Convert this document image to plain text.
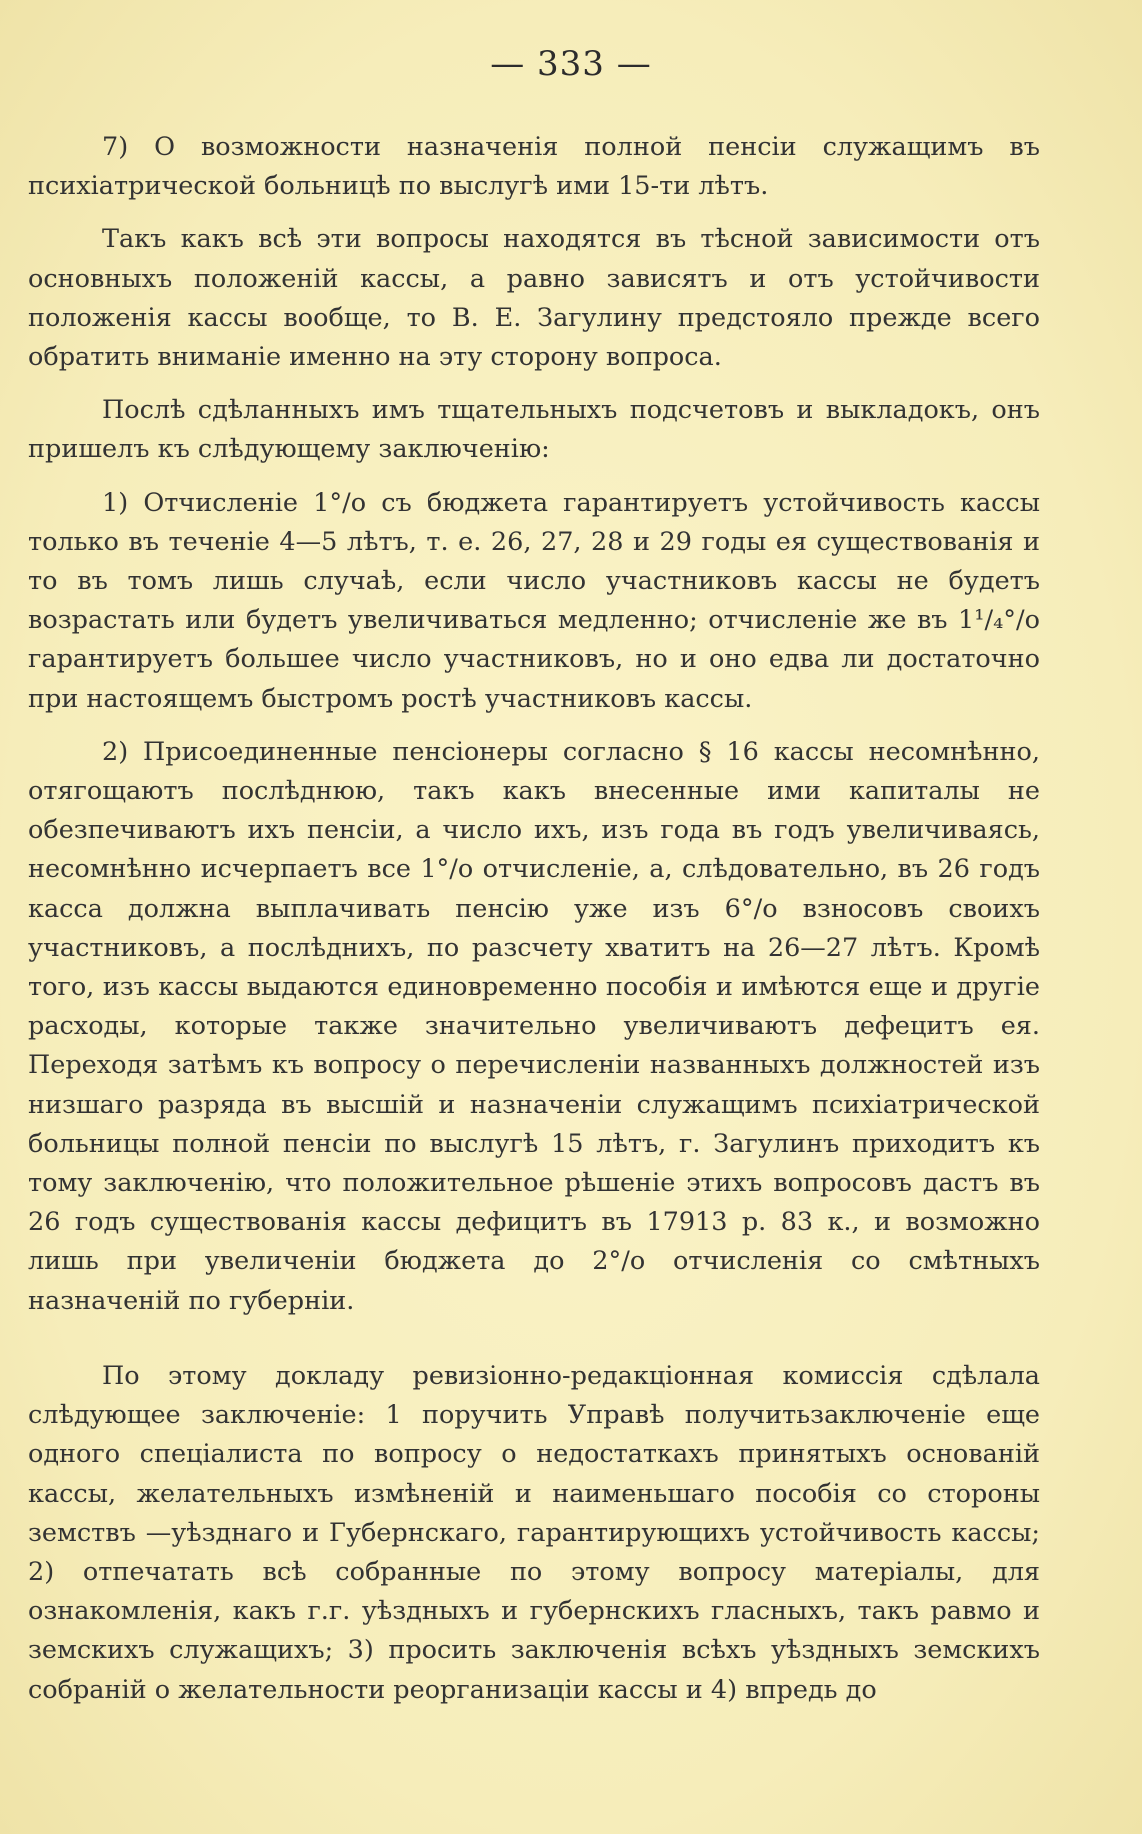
— 333 —

7) О возможности назначенія полной пенсіи служащимъ въ психіатрической больницѣ по выслугѣ ими 15-ти лѣтъ.

Такъ какъ всѣ эти вопросы находятся въ тѣсной зависимости отъ основныхъ положеній кассы, а равно зависятъ и отъ устойчивости положенія кассы вообще, то В. Е. Загулину предстояло прежде всего обратить вниманіе именно на эту сторону вопроса.

Послѣ сдѣланныхъ имъ тщательныхъ подсчетовъ и выкладокъ, онъ пришелъ къ слѣдующему заключенію:

1) Отчисленіе 1°/o съ бюджета гарантируетъ устойчивость кассы только въ теченіе 4—5 лѣтъ, т. е. 26, 27, 28 и 29 годы ея существованія и то въ томъ лишь случаѣ, если число участниковъ кассы не будетъ возрастать или будетъ увеличиваться медленно; отчисленіе же въ 1¹/₄°/o гарантируетъ большее число участниковъ, но и оно едва ли достаточно при настоящемъ быстромъ ростѣ участниковъ кассы.

2) Присоединенные пенсіонеры согласно § 16 кассы несомнѣнно, отягощаютъ послѣднюю, такъ какъ внесенные ими капиталы не обезпечиваютъ ихъ пенсіи, а число ихъ, изъ года въ годъ увеличиваясь, несомнѣнно исчерпаетъ все 1°/o отчисленіе, а, слѣдовательно, въ 26 годъ касса должна выплачивать пенсію уже изъ 6°/o взносовъ своихъ участниковъ, а послѣднихъ, по разсчету хватитъ на 26—27 лѣтъ. Кромѣ того, изъ кассы выдаются единовременно пособія и имѣются еще и другіе расходы, которые также значительно увеличиваютъ дефецитъ ея. Переходя затѣмъ къ вопросу о перечисленіи названныхъ должностей изъ низшаго разряда въ высшій и назначеніи служащимъ психіатрической больницы полной пенсіи по выслугѣ 15 лѣтъ, г. Загулинъ приходитъ къ тому заключенію, что положительное рѣшеніе этихъ вопросовъ дастъ въ 26 годъ существованія кассы дефицитъ въ 17913 р. 83 к., и возможно лишь при увеличеніи бюджета до 2°/o отчисленія со смѣтныхъ назначеній по губерніи.

По этому докладу ревизіонно-редакціонная комиссія сдѣлала слѣдующее заключеніе: 1 поручить Управѣ получитьзаключеніе еще одного спеціалиста по вопросу о недостаткахъ принятыхъ основаній кассы, желательныхъ измѣненій и наименьшаго пособія со стороны земствъ —уѣзднаго и Губернскаго, гарантирующихъ устойчивость кассы; 2) отпечатать всѣ собранные по этому вопросу матеріалы, для ознакомленія, какъ г.г. уѣздныхъ и губернскихъ гласныхъ, такъ равмо и земскихъ служащихъ; 3) просить заключенія всѣхъ уѣздныхъ земскихъ собраній о желательности реорганизаціи кассы и 4) впредь до
